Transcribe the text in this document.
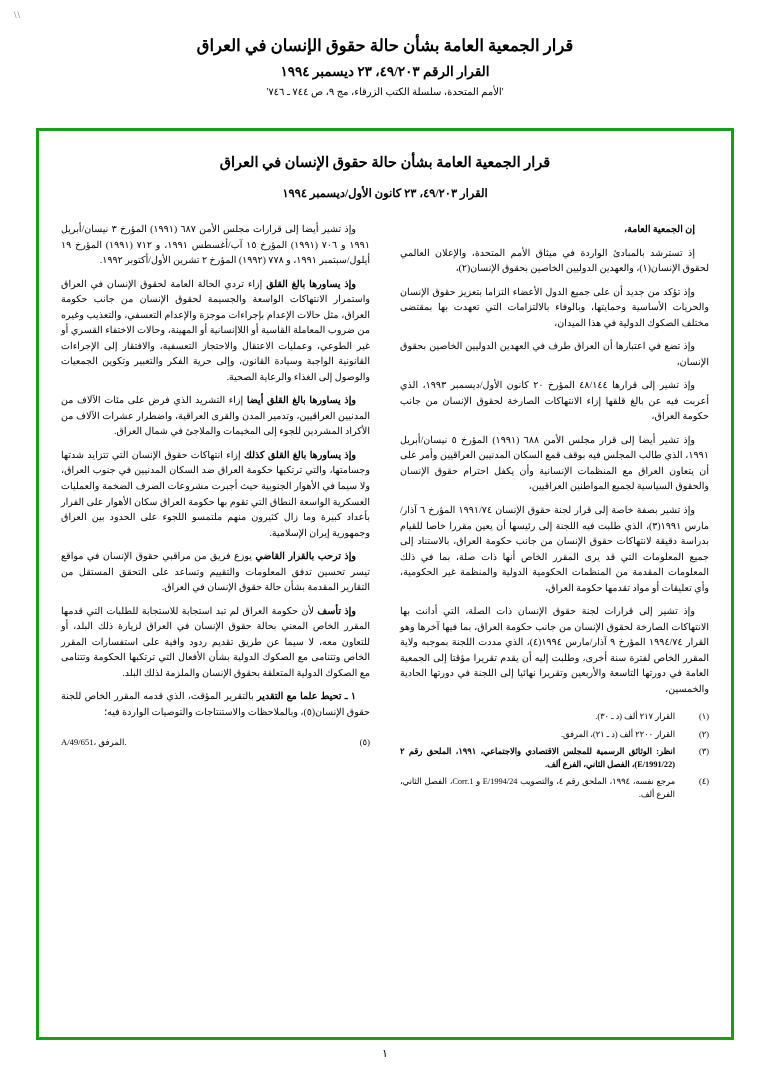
\\
قرار الجمعية العامة بشأن حالة حقوق الإنسان في العراق
القرار الرقم ٤٩/٢٠٣، ٢٣ ديسمبر ١٩٩٤
'الأمم المتحدة، سلسلة الكتب الزرقاء، مج ٩، ص ٧٤٤ ـ ٧٤٦'
قرار الجمعية العامة بشأن حالة حقوق الإنسان في العراق
القرار ٤٩/٢٠٣، ٢٣ كانون الأول/ديسمبر ١٩٩٤

إن الجمعية العامة،

إذ تسترشد بالمبادئ الواردة في ميثاق الأمم المتحدة، والإعلان العالمي لحقوق الإنسان(١)، والعهدين الدوليين الخاصين بحقوق الإنسان(٢)،

وإذ تؤكد من جديد أن على جميع الدول الأعضاء التزاما بتعزيز حقوق الإنسان والحريات الأساسية وحمايتها، وبالوفاء بالالتزامات التي تعهدت بها بمقتضى مختلف الصكوك الدولية في هذا الميدان،

وإذ تضع في اعتبارها أن العراق طرف في العهدين الدوليين الخاصين بحقوق الإنسان،

وإذ تشير إلى قرارها ٤٨/١٤٤ المؤرخ ٢٠ كانون الأول/ديسمبر ١٩٩٣، الذي أعربت فيه عن بالغ قلقها إزاء الانتهاكات الصارخة لحقوق الإنسان من جانب حكومة العراق،

وإذ تشير أيضا إلى قرار مجلس الأمن ٦٨٨ (١٩٩١) المؤرخ ٥ نيسان/أبريل ١٩٩١، الذي طالب المجلس فيه بوقف قمع السكان المدنيين العراقيين وأمر على أن يتعاون العراق مع المنظمات الإنسانية وأن يكفل احترام حقوق الإنسان والحقوق السياسية لجميع المواطنين العراقيين،

وإذ تشير بصفة خاصة إلى قرار لجنة حقوق الإنسان ١٩٩١/٧٤ المؤرخ ٦ آذار/مارس ١٩٩١(٣)، الذي طلبت فيه اللجنة إلى رئيسها أن يعين مقررا خاصا للقيام بدراسة دقيقة لانتهاكات حقوق الإنسان من جانب حكومة العراق، بالاستناد إلى جميع المعلومات التي قد يرى المقرر الخاص أنها ذات صلة، بما في ذلك المعلومات المقدمة من المنظمات الحكومية الدولية والمنظمة غير الحكومية، وأي تعليقات أو مواد تقدمها حكومة العراق،

وإذ تشير إلى قرارات لجنة حقوق الإنسان ذات الصلة، التي أدانت بها الانتهاكات الصارخة لحقوق الإنسان من جانب حكومة العراق، بما فيها آخرها وهو القرار ١٩٩٤/٧٤ المؤرخ ٩ آذار/مارس ١٩٩٤(٤)، الذي مددت اللجنة بموجبه ولاية المقرر الخاص لفترة سنة أخرى، وطلبت إليه أن يقدم تقريرا مؤقتا إلى الجمعية العامة في دورتها التاسعة والأربعين وتقريرا نهائيا إلى اللجنة في دورتها الحادية والخمسين،

(١)
القرار ٢١٧ ألف (د ـ ٣٠).
(٢)
القرار ٢٢٠٠ ألف (د ـ ٢١)، المرفق.
(٣)
انظر: الوثائق الرسمية للمجلس الاقتصادي والاجتماعي، ١٩٩١، الملحق رقم ٢ (E/1991/22)، الفصل الثاني، الفرع ألف.
(٤)
مرجع نفسه، ١٩٩٤، الملحق رقم ٤، والتصويب E/1994/24 و Corr.1، الفصل الثاني، الفرع ألف.

وإذ تشير أيضا إلى قرارات مجلس الأمن ٦٨٧ (١٩٩١) المؤرخ ٣ نيسان/أبريل ١٩٩١ و ٧٠٦ (١٩٩١) المؤرخ ١٥ آب/أغسطس ١٩٩١، و ٧١٢ (١٩٩١) المؤرخ ١٩ أيلول/سبتمبر ١٩٩١، و ٧٧٨ (١٩٩٢) المؤرخ ٢ تشرين الأول/أكتوبر ١٩٩٢.

وإذ يساورها بالغ القلق إزاء تردي الحالة العامة لحقوق الإنسان في العراق واستمرار الانتهاكات الواسعة والجسيمة لحقوق الإنسان من جانب حكومة العراق، مثل حالات الإعدام بإجراءات موجزة والإعدام التعسفي، والتعذيب وغيره من ضروب المعاملة القاسية أو اللاإنسانية أو المهينة، وحالات الاختفاء القسري أو غير الطوعي، وعمليات الاعتقال والاحتجاز التعسفية، والافتقار إلى الإجراءات القانونية الواجبة وسيادة القانون، وإلى حرية الفكر والتعبير وتكوين الجمعيات والوصول إلى الغذاء والرعاية الصحية.

وإذ يساورها بالغ القلق أيضا إزاء التشريد الذي فرض على مئات الآلاف من المدنيين العراقيين، وتدمير المدن والقرى العراقية، واضطرار عشرات الآلاف من الأكراد المشردين للجوء إلى المخيمات والملاجئ في شمال العراق.

وإذ يساورها بالغ القلق كذلك إزاء انتهاكات حقوق الإنسان التي تتزايد شدتها وجسامتها، والتي ترتكبها حكومة العراق ضد السكان المدنيين في جنوب العراق، ولا سيما في الأهوار الجنوبية حيث أجبرت مشروعات الصرف الضخمة والعمليات العسكرية الواسعة النطاق التي تقوم بها حكومة العراق سكان الأهوار على الفرار بأعداد كبيرة وما زال كثيرون منهم ملتمسو اللجوء على الحدود بين العراق وجمهورية إيران الإسلامية.

وإذ ترحب بالقرار القاضي يوزع فريق من مراقبي حقوق الإنسان في مواقع تيسر تحسين تدفق المعلومات والتقييم وتساعد على التحقق المستقل من التقارير المقدمة بشأن حالة حقوق الإنسان في العراق.

وإذ تأسف لأن حكومة العراق لم تبد استجابة للاستجابة للطلبات التي قدمها المقرر الخاص المعني بحالة حقوق الإنسان في العراق لزيارة ذلك البلد، أو للتعاون معه، لا سيما عن طريق تقديم ردود وافية على استفسارات المقرر الخاص وتتنامى مع الصكوك الدولية بشأن الأفعال التي ترتكبها الحكومة وتتنامى مع الصكوك الدولية المتعلقة بحقوق الإنسان والملزمة لذلك البلد.

١ ـ تحيط علما مع التقدير بالتقرير المؤقت، الذي قدمه المقرر الخاص للجنة حقوق الإنسان(٥)، وبالملاحظات والاستنتاجات والتوصيات الواردة فيه؛

(٥)
A/49/651، المرفق.
١
